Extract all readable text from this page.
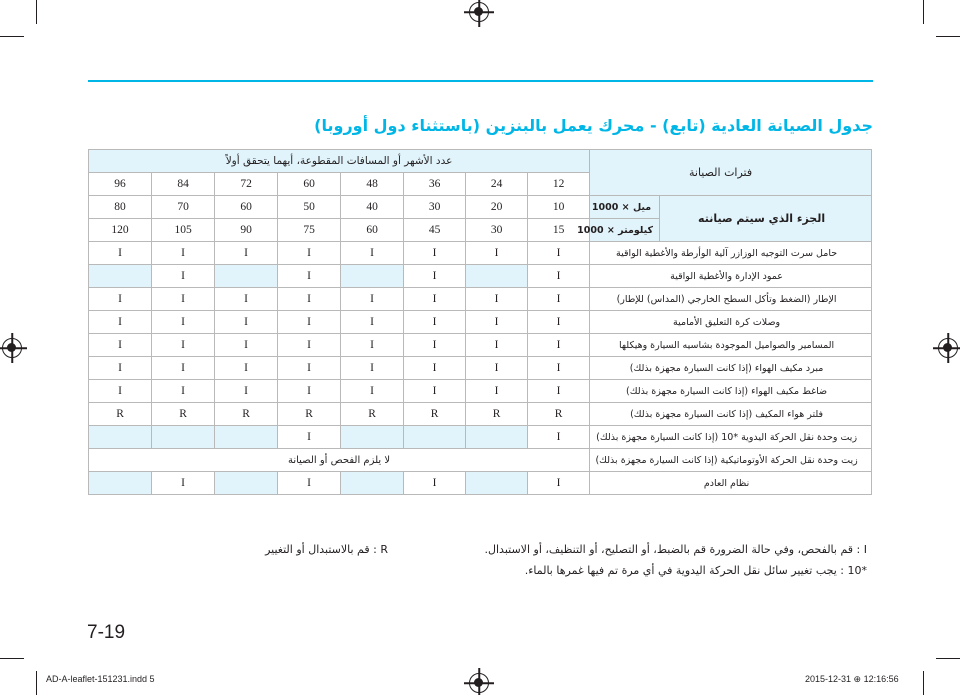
جدول الصيانة العادية (تابع) - محرك يعمل بالبنزين (باستثناء دول أوروبا)
فترات الصيانة		عدد الأشهر أو المسافات المقطوعة، أيهما يتحقق أولاً							
		12	24	36	48	60	72	84	96
الجزء الذي سيتم صيانته	ميل × 1000	10	20	30	40	50	60	70	80
	كيلومتر × 1000	15	30	45	60	75	90	105	120
حامل سرت التوجيه الوزازر آلية الوأرطة والأغطية الواقية		I	I	I	I	I	I	I	I
عمود الإدارة والأغطية الواقية		I		I		I		I	
الإطار (الضغط وتأكل السطح الخارجي (المداس) للإطار)		I	I	I	I	I	I	I	I
وصلات كرة التعليق الأمامية		I	I	I	I	I	I	I	I
المسامير والصواميل الموجودة بشاسيه السيارة وهيكلها		I	I	I	I	I	I	I	I
مبرد مكيف الهواء (إذا كانت السيارة مجهزة بذلك)		I	I	I	I	I	I	I	I
ضاغط مكيف الهواء (إذا كانت السيارة مجهزة بذلك)		I	I	I	I	I	I	I	I
فلتر هواء المكيف (إذا كانت السيارة مجهزة بذلك)		R	R	R	R	R	R	R	R
زيت وحدة نقل الحركة اليدوية *10 (إذا كانت السيارة مجهزة بذلك)		I				I			
زيت وحدة نقل الحركة الأوتوماتيكية (إذا كانت السيارة مجهزة بذلك)		لا يلزم الفحص أو الصيانة							
نظام العادم		I		I		I		I	
I : قم بالفحص، وفي حالة الضرورة قم بالضبط، أو التصليح، أو التنظيف، أو الاستبدال.
R : قم بالاستبدال أو التغيير
*10 : يجب تغيير سائل نقل الحركة اليدوية في أي مرة تم فيها غمرها بالماء.
7-19
AD-A-leaflet-151231.indd 5	2015-12-31 ⊕ 12:16:56
